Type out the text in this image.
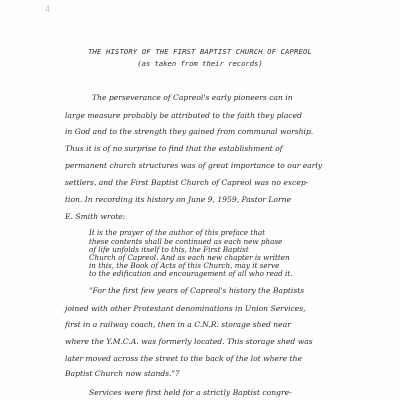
4
THE HISTORY OF THE FIRST BAPTIST CHURCH OF CAPREOL
(as taken from their records)
The perseverance of Capreol's early pioneers can in
large measure probably be attributed to the faith they placed
in God and to the strength they gained from communal worship.
Thus it is of no surprise to find that the establishment of
permanent church structures was of great importance to our early
settlers, and the First Baptist Church of Capreol was no excep-
tion. In recording its history on June 9, 1959, Pastor Lorne
E. Smith wrote:
It is the prayer of the author of this preface that
these contents shall be continued as each new phase
of life unfolds itself to this, the First Baptist
Church of Capreol. And as each new chapter is written
in this, the Book of Acts of this Church, may it serve
to the edification and encouragement of all who read it.
"For the first few years of Capreol's history the Baptists
joined with other Protestant denominations in Union Services,
first in a railway coach, then in a C.N.R. storage shed near
where the Y.M.C.A. was formerly located. This storage shed was
later moved across the street to the back of the lot where the
Baptist Church now stands."7
Services were first held for a strictly Baptist congre-
